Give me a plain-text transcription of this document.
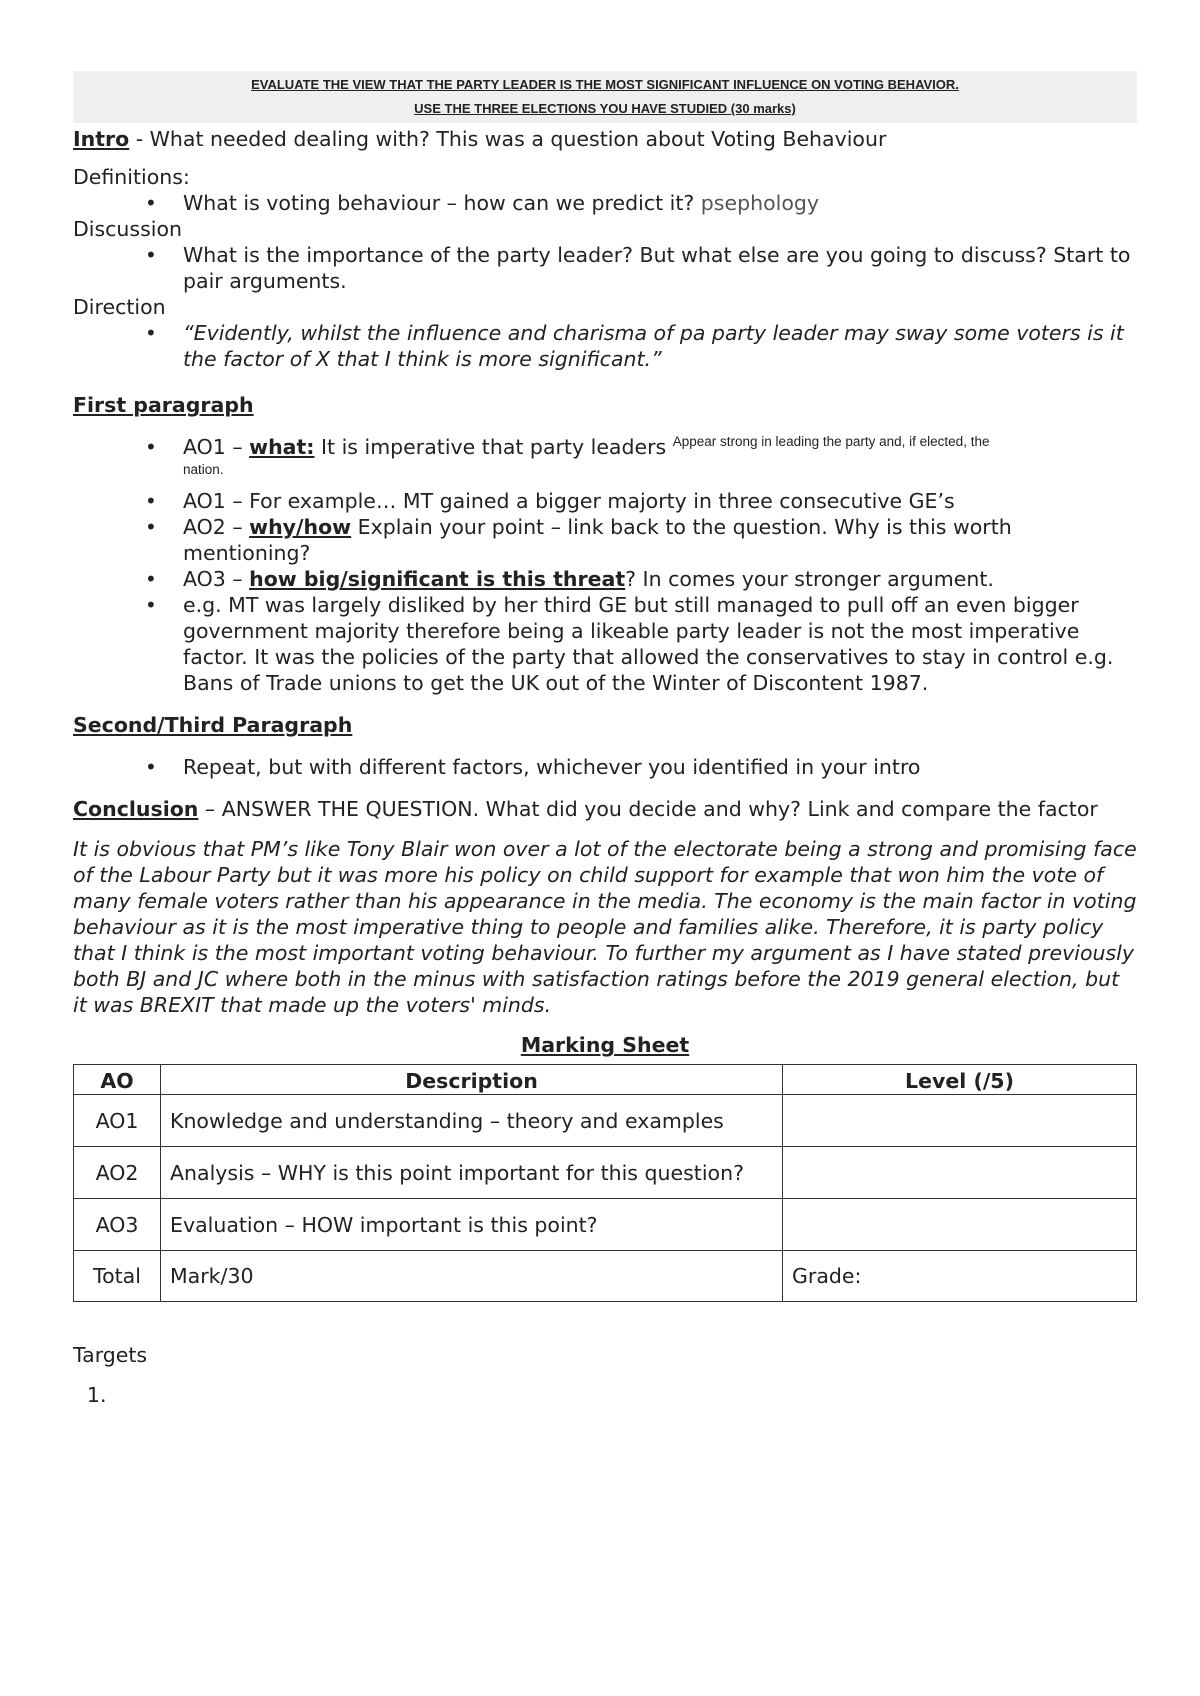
EVALUATE THE VIEW THAT THE PARTY LEADER IS THE MOST SIGNIFICANT INFLUENCE ON VOTING BEHAVIOR.
USE THE THREE ELECTIONS YOU HAVE STUDIED (30 marks)

Intro - What needed dealing with? This was a question about Voting Behaviour

Definitions:

• What is voting behaviour – how can we predict it? psephology

Discussion

• What is the importance of the party leader? But what else are you going to discuss? Start to pair arguments.

Direction

• “Evidently, whilst the influence and charisma of pa party leader may sway some voters is it the factor of X that I think is more significant.”

First paragraph

• AO1 – what: It is imperative that party leaders $^{Appear strong in leading the party and, if elected, the}$
nation.
• AO1 – For example… MT gained a bigger majorty in three consecutive GE’s
• AO2 – why/how Explain your point – link back to the question. Why is this worth mentioning?
• AO3 – how big/significant is this threat? In comes your stronger argument.
• e.g. MT was largely disliked by her third GE but still managed to pull off an even bigger government majority therefore being a likeable party leader is not the most imperative factor. It was the policies of the party that allowed the conservatives to stay in control e.g. Bans of Trade unions to get the UK out of the Winter of Discontent 1987.

Second/Third Paragraph

• Repeat, but with different factors, whichever you identified in your intro

Conclusion – ANSWER THE QUESTION. What did you decide and why? Link and compare the factor

It is obvious that PM’s like Tony Blair won over a lot of the electorate being a strong and promising face of the Labour Party but it was more his policy on child support for example that won him the vote of many female voters rather than his appearance in the media. The economy is the main factor in voting behaviour as it is the most imperative thing to people and families alike. Therefore, it is party policy that I think is the most important voting behaviour. To further my argument as I have stated previously both BJ and JC where both in the minus with satisfaction ratings before the 2019 general election, but it was BREXIT that made up the voters' minds.

Marking Sheet

AO	Description	Level (/5)
AO1	Knowledge and understanding – theory and examples	
AO2	Analysis – WHY is this point important for this question?	
AO3	Evaluation – HOW important is this point?	
Total	Mark/30	Grade:

Targets

1.
